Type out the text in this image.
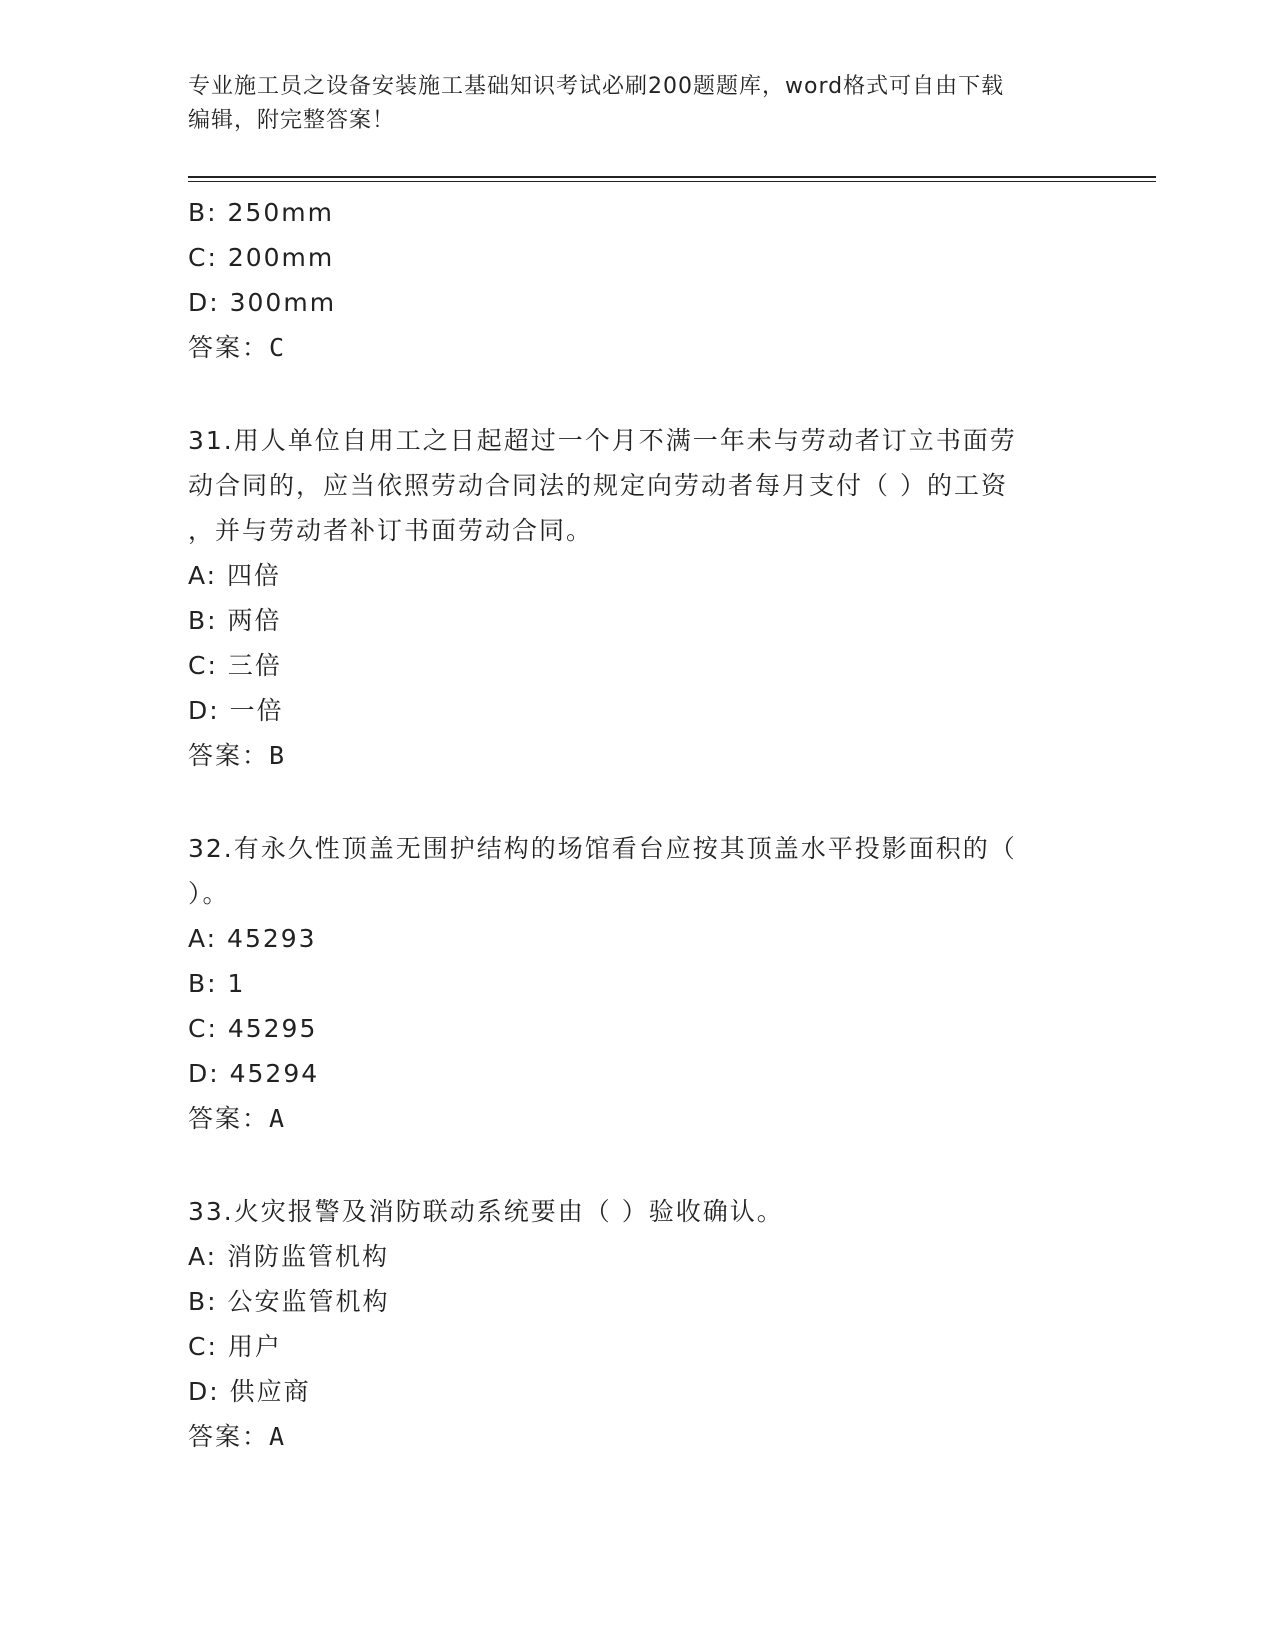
专业施工员之设备安装施工基础知识考试必刷200题题库，word格式可自由下载
编辑，附完整答案！
B: 250mm
C: 200mm
D: 300mm
答案：C
31.用人单位自用工之日起超过一个月不满一年未与劳动者订立书面劳
动合同的，应当依照劳动合同法的规定向劳动者每月支付（ ）的工资
，并与劳动者补订书面劳动合同。
A: 四倍
B: 两倍
C: 三倍
D: 一倍
答案：B
32.有永久性顶盖无围护结构的场馆看台应按其顶盖水平投影面积的（
）。
A: 45293
B: 1
C: 45295
D: 45294
答案：A
33.火灾报警及消防联动系统要由（ ）验收确认。
A: 消防监管机构
B: 公安监管机构
C: 用户
D: 供应商
答案：A
